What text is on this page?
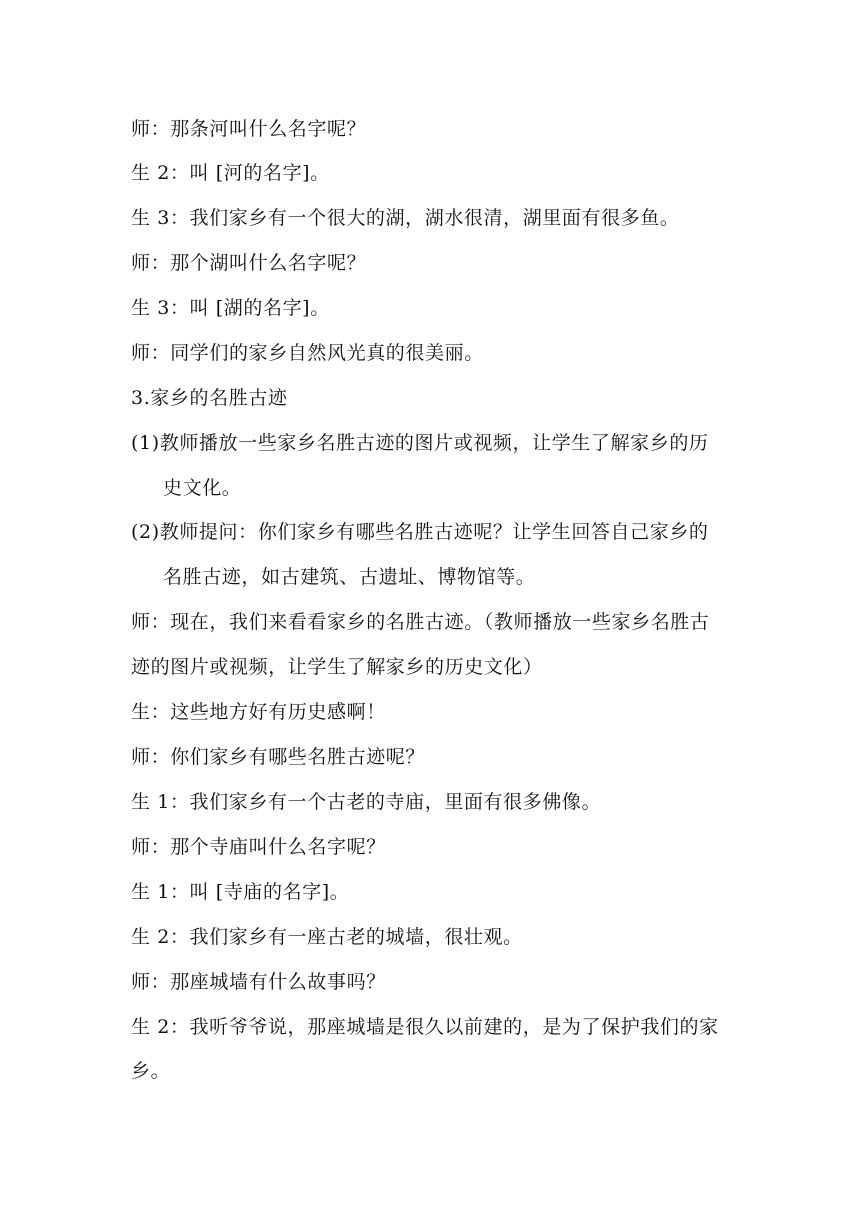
师：那条河叫什么名字呢？
生 2：叫 [河的名字]。
生 3：我们家乡有一个很大的湖，湖水很清，湖里面有很多鱼。
师：那个湖叫什么名字呢？
生 3：叫 [湖的名字]。
师：同学们的家乡自然风光真的很美丽。
3.家乡的名胜古迹
(1)教师播放一些家乡名胜古迹的图片或视频，让学生了解家乡的历
史文化。
(2)教师提问：你们家乡有哪些名胜古迹呢？让学生回答自己家乡的
名胜古迹，如古建筑、古遗址、博物馆等。
师：现在，我们来看看家乡的名胜古迹。（教师播放一些家乡名胜古
迹的图片或视频，让学生了解家乡的历史文化）
生：这些地方好有历史感啊！
师：你们家乡有哪些名胜古迹呢？
生 1：我们家乡有一个古老的寺庙，里面有很多佛像。
师：那个寺庙叫什么名字呢？
生 1：叫 [寺庙的名字]。
生 2：我们家乡有一座古老的城墙，很壮观。
师：那座城墙有什么故事吗？
生 2：我听爷爷说，那座城墙是很久以前建的，是为了保护我们的家
乡。
